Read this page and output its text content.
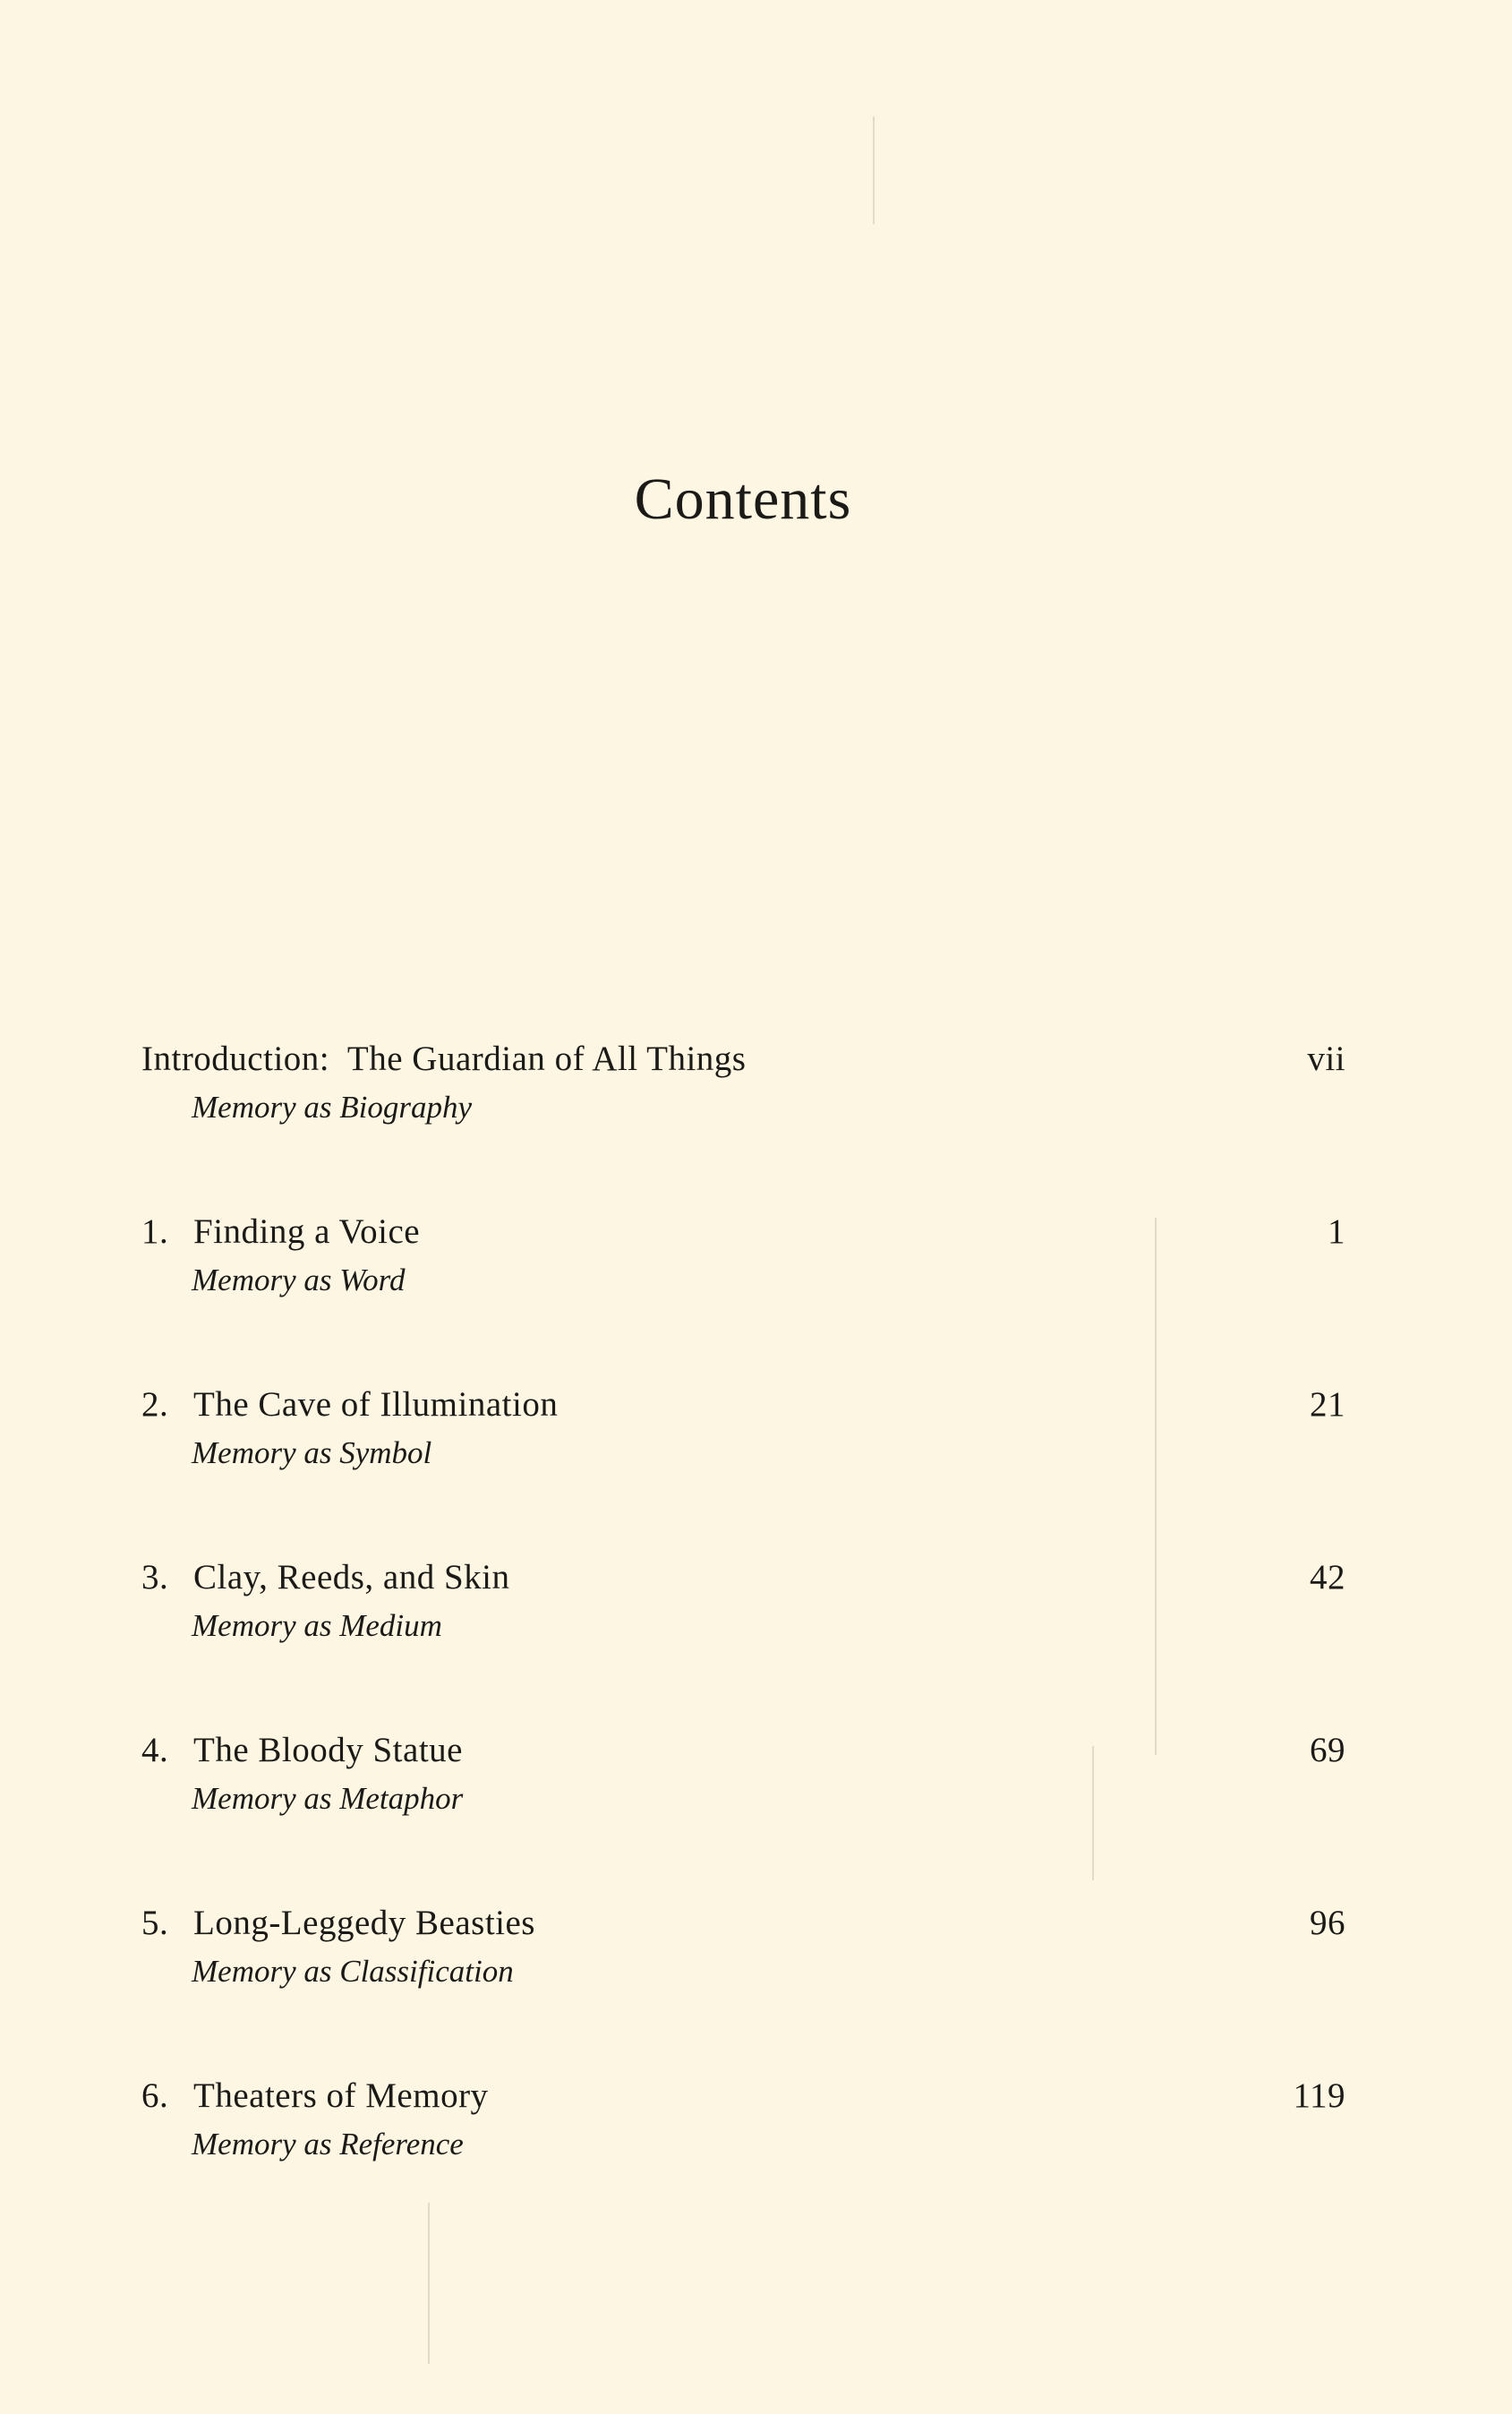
Contents
Introduction:  The Guardian of All Things	vii
Memory as Biography
1. Finding a Voice	1
Memory as Word
2. The Cave of Illumination	21
Memory as Symbol
3. Clay, Reeds, and Skin	42
Memory as Medium
4. The Bloody Statue	69
Memory as Metaphor
5. Long-Leggedy Beasties	96
Memory as Classification
6. Theaters of Memory	119
Memory as Reference
